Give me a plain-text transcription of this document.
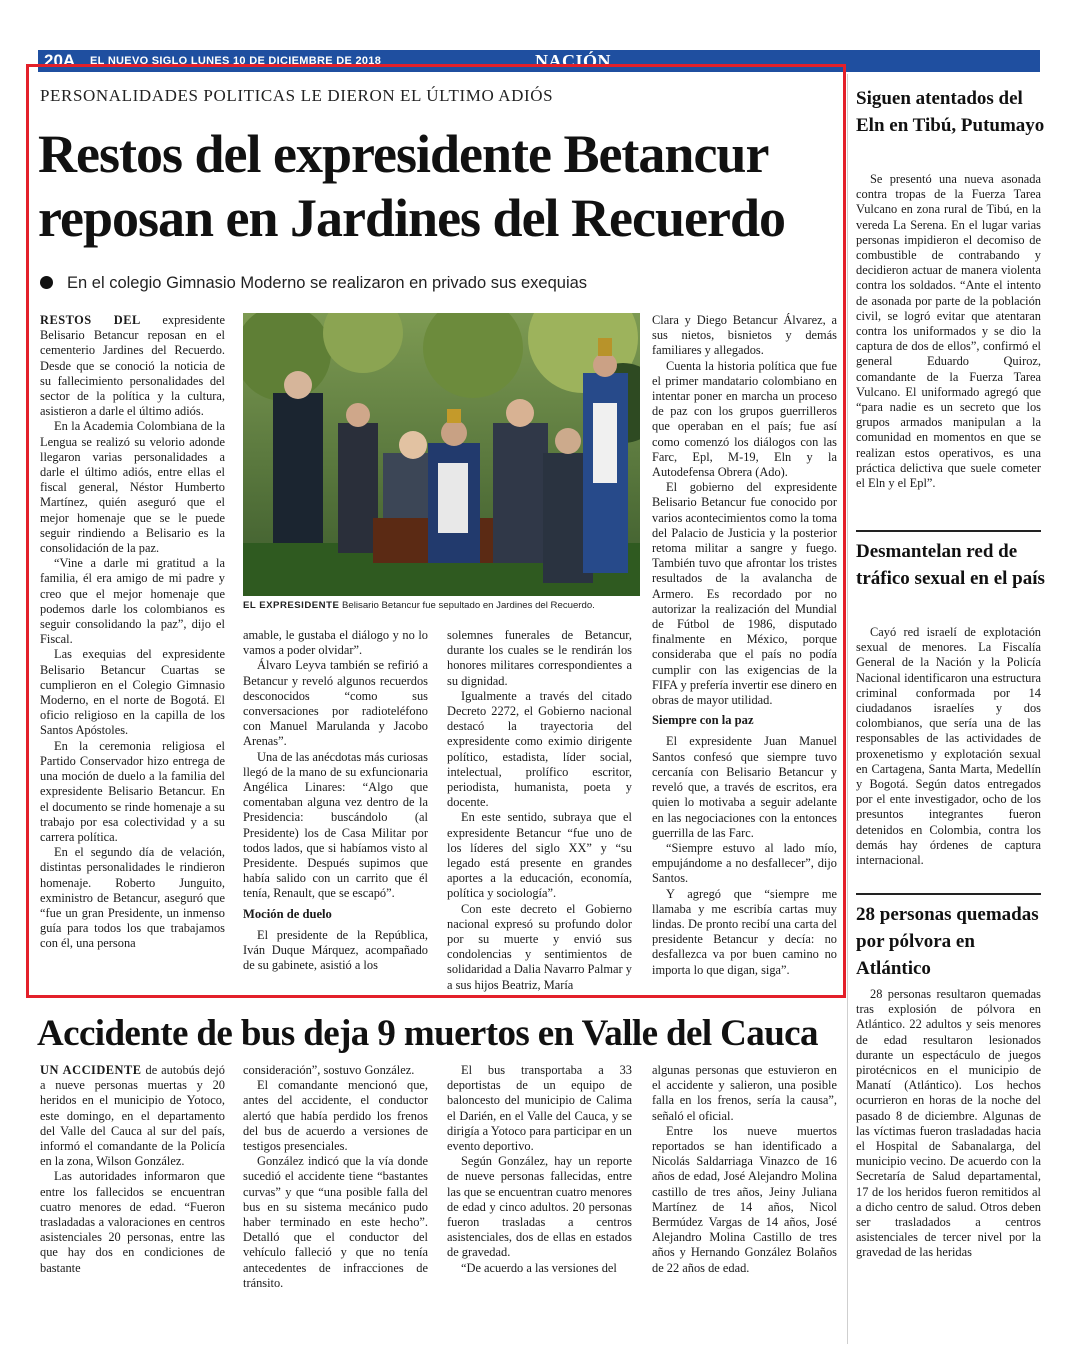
20A EL NUEVO SIGLO LUNES 10 DE DICIEMBRE DE 2018	NACIÓN
PERSONALIDADES POLITICAS LE DIERON EL ÚLTIMO ADIÓS
Restos del expresidente Betancur reposan en Jardines del Recuerdo
En el colegio Gimnasio Moderno se realizaron en privado sus exequias

RESTOS DEL expresidente Belisario Betancur reposan en el cementerio Jardines del Recuerdo. Desde que se conoció la noticia de su fallecimiento personalidades del sector de la política y la cultura, asistieron a darle el último adiós.

En la Academia Colombiana de la Lengua se realizó su velorio adonde llegaron varias personalidades a darle el último adiós, entre ellas el fiscal general, Néstor Humberto Martínez, quién aseguró que el mejor homenaje que se le puede seguir rindiendo a Belisario es la consolidación de la paz.

“Vine a darle mi gratitud a la familia, él era amigo de mi padre y creo que el mejor homenaje que podemos darle los colombianos es seguir consolidando la paz”, dijo el Fiscal.

Las exequias del expresidente Belisario Betancur Cuartas se cumplieron en el Colegio Gimnasio Moderno, en el norte de Bogotá. El oficio religioso en la capilla de los Santos Apóstoles.

En la ceremonia religiosa el Partido Conservador hizo entrega de una moción de duelo a la familia del expresidente Belisario Betancur. En el documento se rinde homenaje a su trabajo por esa colectividad y a su carrera política.

En el segundo día de velación, distintas personalidades le rindieron homenaje. Roberto Junguito, exministro de Betancur, aseguró que “fue un gran Presidente, un inmenso guía para todos los que trabajamos con él, una persona

EL EXPRESIDENTE Belisario Betancur fue sepultado en Jardines del Recuerdo.

amable, le gustaba el diálogo y no lo vamos a poder olvidar”.

Álvaro Leyva también se refirió a Betancur y reveló algunos recuerdos desconocidos “como sus conversaciones por radioteléfono con Manuel Marulanda y Jacobo Arenas”.

Una de las anécdotas más curiosas llegó de la mano de su exfuncionaria Angélica Linares: “Algo que comentaban alguna vez dentro de la Presidencia: buscándolo (al Presidente) los de Casa Militar por todos lados, que si habíamos visto al Presidente. Después supimos que había salido con un carrito que él tenía, Renault, que se escapó”.

Moción de duelo

El presidente de la República, Iván Duque Márquez, acompañado de su gabinete, asistió a los

solemnes funerales de Betancur, durante los cuales se le rendirán los honores militares correspondientes a su dignidad.

Igualmente a través del citado Decreto 2272, el Gobierno nacional destacó la trayectoria del expresidente como eximio dirigente político, estadista, líder social, intelectual, prolífico escritor, periodista, humanista, poeta y docente.

En este sentido, subraya que el expresidente Betancur “fue uno de los líderes del siglo XX” y “su legado está presente en grandes aportes a la educación, economía, política y sociología”.

Con este decreto el Gobierno nacional expresó su profundo dolor por su muerte y envió sus condolencias y sentimientos de solidaridad a Dalia Navarro Palmar y a sus hijos Beatriz, María

Clara y Diego Betancur Álvarez, a sus nietos, bisnietos y demás familiares y allegados.

Cuenta la historia política que fue el primer mandatario colombiano en intentar poner en marcha un proceso de paz con los grupos guerrilleros que operaban en el país; fue así como comenzó los diálogos con las Farc, Epl, M-19, Eln y la Autodefensa Obrera (Ado).

El gobierno del expresidente Belisario Betancur fue conocido por varios acontecimientos como la toma del Palacio de Justicia y la posterior retoma militar a sangre y fuego. También tuvo que afrontar los tristes resultados de la avalancha de Armero. Es recordado por no autorizar la realización del Mundial de Fútbol de 1986, disputado finalmente en México, porque consideraba que el país no podía cumplir con las exigencias de la FIFA y prefería invertir ese dinero en obras de mayor utilidad.

Siempre con la paz

El expresidente Juan Manuel Santos confesó que siempre tuvo cercanía con Belisario Betancur y reveló que, a través de escritos, era quien lo motivaba a seguir adelante en las negociaciones con la entonces guerrilla de las Farc.

“Siempre estuvo al lado mío, empujándome a no desfallecer”, dijo Santos.

Y agregó que “siempre me llamaba y me escribía cartas muy lindas. De pronto recibí una carta del presidente Betancur y decía: no desfallezca va por buen camino no importa lo que digan, siga”.

Siguen atentados del Eln en Tibú, Putumayo

Se presentó una nueva asonada contra tropas de la Fuerza Tarea Vulcano en zona rural de Tibú, en la vereda La Serena. En el lugar varias personas impidieron el decomiso de combustible de contrabando y decidieron actuar de manera violenta contra los soldados. “Ante el intento de asonada por parte de la población civil, se logró evitar que atentaran contra los uniformados y se dio la captura de dos de ellos”, confirmó el general Eduardo Quiroz, comandante de la Fuerza Tarea Vulcano. El uniformado agregó que “para nadie es un secreto que los grupos armados manipulan a la comunidad en momentos en que se realizan estos operativos, es una práctica delictiva que suele cometer el Eln y el Epl”.

Desmantelan red de tráfico sexual en el país

Cayó red israelí de explotación sexual de menores. La Fiscalía General de la Nación y la Policía Nacional identificaron una estructura criminal conformada por 14 ciudadanos israelíes y dos colombianos, que sería una de las responsables de las actividades de proxenetismo y explotación sexual en Cartagena, Santa Marta, Medellín y Bogotá. Según datos entregados por el ente investigador, ocho de los presuntos integrantes fueron detenidos en Colombia, contra los demás hay órdenes de captura internacional.

28 personas quemadas por pólvora en Atlántico

28 personas resultaron quemadas tras explosión de pólvora en Atlántico. 22 adultos y seis menores de edad resultaron lesionados durante un espectáculo de juegos pirotécnicos en el municipio de Manatí (Atlántico). Los hechos ocurrieron en horas de la noche del pasado 8 de diciembre. Algunas de las víctimas fueron trasladadas hacia el Hospital de Sabanalarga, del municipio vecino. De acuerdo con la Secretaría de Salud departamental, 17 de los heridos fueron remitidos al a dicho centro de salud. Otros deben ser trasladados a centros asistenciales de tercer nivel por la gravedad de las heridas

Accidente de bus deja 9 muertos en Valle del Cauca

UN ACCIDENTE de autobús dejó a nueve personas muertas y 20 heridos en el municipio de Yotoco, este domingo, en el departamento del Valle del Cauca al sur del país, informó el comandante de la Policía en la zona, Wilson González.

Las autoridades informaron que entre los fallecidos se encuentran cuatro menores de edad. “Fueron trasladadas a valoraciones en centros asistenciales 20 personas, entre las que hay dos en condiciones de bastante

consideración”, sostuvo González.

El comandante mencionó que, antes del accidente, el conductor alertó que había perdido los frenos del bus de acuerdo a versiones de testigos presenciales.

González indicó que la vía donde sucedió el accidente tiene “bastantes curvas” y que “una posible falla del bus en su sistema mecánico pudo haber terminado en este hecho”. Detalló que el conductor del vehículo falleció y que no tenía antecedentes de infracciones de tránsito.

El bus transportaba a 33 deportistas de un equipo de baloncesto del municipio de Calima el Darién, en el Valle del Cauca, y se dirigía a Yotoco para participar en un evento deportivo.

Según González, hay un reporte de nueve personas fallecidas, entre las que se encuentran cuatro menores de edad y cinco adultos. 20 personas fueron trasladas a centros asistenciales, dos de ellas en estados de gravedad.

“De acuerdo a las versiones del

algunas personas que estuvieron en el accidente y salieron, una posible falla en los frenos, sería la causa”, señaló el oficial.

Entre los nueve muertos reportados se han identificado a Nicolás Saldarriaga Vinazco de 16 años de edad, José Alejandro Molina castillo de tres años, Jeiny Juliana Martínez de 14 años, Nicol Bermúdez Vargas de 14 años, José Alejandro Molina Castillo de tres años y Hernando González Bolaños de 22 años de edad.
